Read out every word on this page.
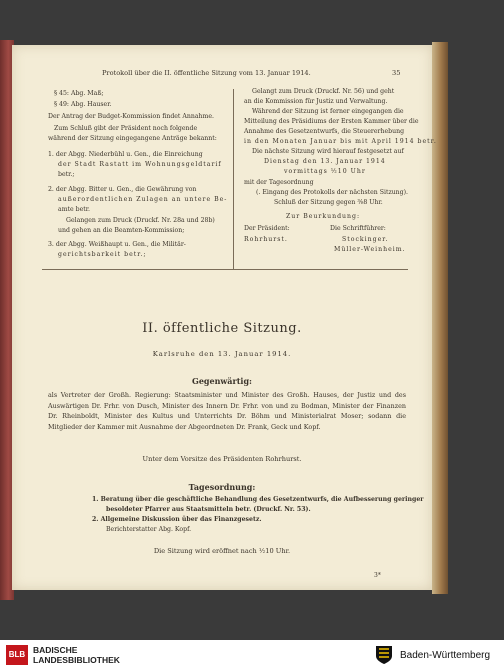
Protokoll über die II. öffentliche Sitzung vom 13. Januar 1914.	35
§ 45: Abg. Maß;
§ 49: Abg. Hauser.
Der Antrag der Budget-Kommission findet Annahme.
Zum Schluß gibt der Präsident noch folgende
während der Sitzung eingegangene Anträge bekannt:
1. der Abgg. Niederbühl u. Gen., die Einreichung
der Stadt Rastatt im Wohnungsgeldtarif
betr.;
2. der Abgg. Bitter u. Gen., die Gewährung von
außerordentlichen Zulagen an untere Be-
amte betr.
Gelangen zum Druck (Druckf. Nr. 28a und 28b)
und gehen an die Beamten-Kommission;
3. der Abgg. Weißhaupt u. Gen., die Militär-
gerichtsbarkeit betr.;
Gelangt zum Druck (Druckf. Nr. 56) und geht
an die Kommission für Justiz und Verwaltung.
Während der Sitzung ist ferner eingegangen die
Mitteilung des Präsidiums der Ersten Kammer über die
Annahme des Gesetzentwurfs, die Steuererhebung
in den Monaten Januar bis mit April 1914 betr.
Die nächste Sitzung wird hierauf festgesetzt auf
Dienstag den 13. Januar 1914
vormittags ½10 Uhr
mit der Tagesordnung
(. Eingang des Protokolls der nächsten Sitzung).
Schluß der Sitzung gegen ⅜8 Uhr.
Zur Beurkundung:
Der Präsident:	Die Schriftführer:
Rohrhurst.	Stockinger.
Müller-Weinheim.
II. öffentliche Sitzung.
Karlsruhe den 13. Januar 1914.
Gegenwärtig:
als Vertreter der Großh. Regierung: Staatsminister und Minister des Großh. Hauses, der Justiz und des Auswärtigen Dr. Frhr. von Dusch, Minister des Innern Dr. Frhr. von und zu Bodman, Minister der Finanzen Dr. Rheinboldt, Minister des Kultus und Unterrichts Dr. Böhm und Ministerialrat Moser; sodann die Mitglieder der Kammer mit Ausnahme der Abgeordneten Dr. Frank, Geck und Kopf.
Unter dem Vorsitze des Präsidenten Rohrhurst.
Tagesordnung:
1. Beratung über die geschäftliche Behandlung des Gesetzentwurfs, die Aufbesserung geringer
besoldeter Pfarrer aus Staatsmitteln betr. (Druckf. Nr. 53).
2. Allgemeine Diskussion über das Finanzgesetz.
Berichterstatter Abg. Kopf.
Die Sitzung wird eröffnet nach ½10 Uhr.
3*
BLB BADISCHE
LANDESBIBLIOTHEK	Baden-Württemberg
